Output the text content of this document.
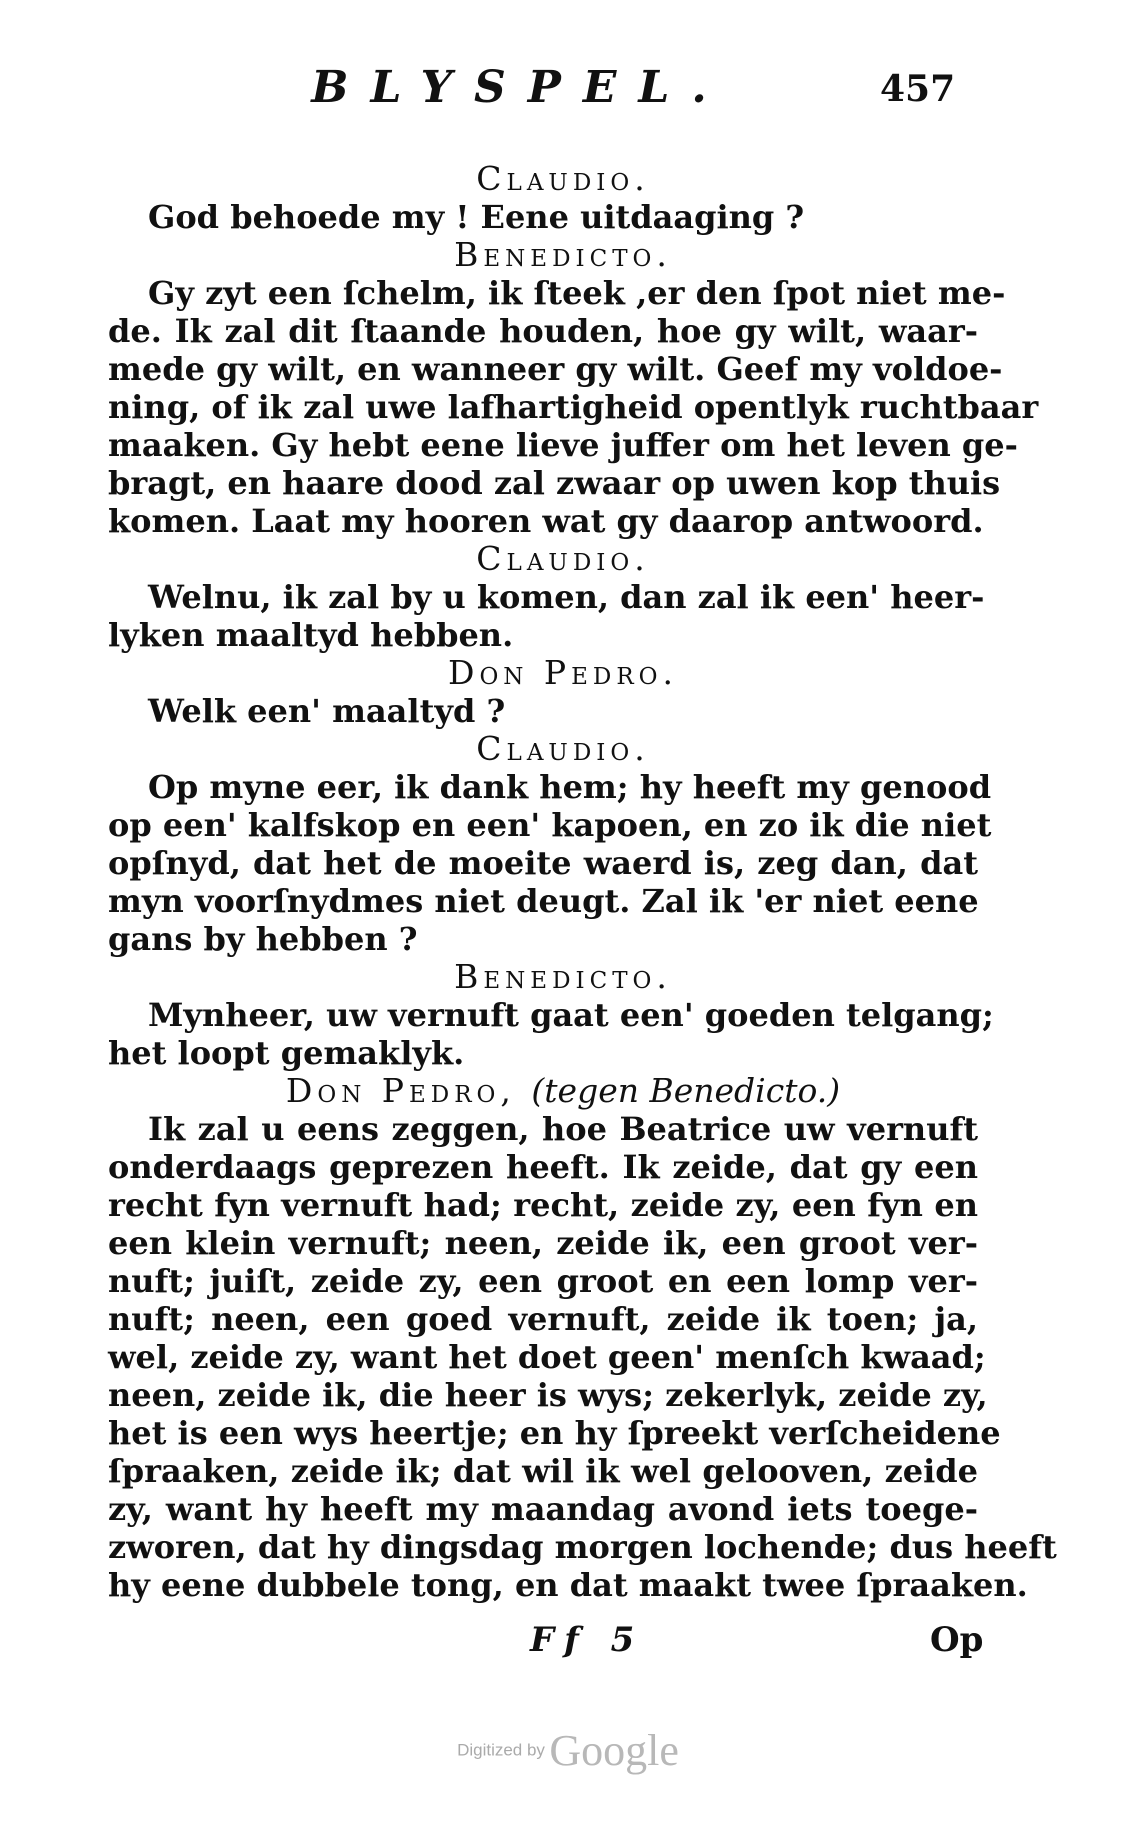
BLYSPEL.	457
Claudio.
God behoede my ! Eene uitdaaging ?
Benedicto.
Gy zyt een ſchelm, ik ſteek ,er den ſpot niet me-
de. Ik zal dit ſtaande houden, hoe gy wilt, waar-
mede gy wilt, en wanneer gy wilt. Geef my voldoe-
ning, of ik zal uwe lafhartigheid opentlyk ruchtbaar
maaken. Gy hebt eene lieve juffer om het leven ge-
bragt, en haare dood zal zwaar op uwen kop thuis
komen. Laat my hooren wat gy daarop antwoord.
Claudio.
Welnu, ik zal by u komen, dan zal ik een' heer-
lyken maaltyd hebben.
Don Pedro.
Welk een' maaltyd ?
Claudio.
Op myne eer, ik dank hem; hy heeft my genood
op een' kalfskop en een' kapoen, en zo ik die niet
opſnyd, dat het de moeite waerd is, zeg dan, dat
myn voorſnydmes niet deugt. Zal ik 'er niet eene
gans by hebben ?
Benedicto.
Mynheer, uw vernuft gaat een' goeden telgang;
het loopt gemaklyk.
Don Pedro, (tegen Benedicto.)
Ik zal u eens zeggen, hoe Beatrice uw vernuft
onderdaags geprezen heeft. Ik zeide, dat gy een
recht fyn vernuft had; recht, zeide zy, een fyn en
een klein vernuft; neen, zeide ik, een groot ver-
nuft; juiſt, zeide zy, een groot en een lomp ver-
nuft; neen, een goed vernuft, zeide ik toen; ja,
wel, zeide zy, want het doet geen' menſch kwaad;
neen, zeide ik, die heer is wys; zekerlyk, zeide zy,
het is een wys heertje; en hy ſpreekt verſcheidene
ſpraaken, zeide ik; dat wil ik wel gelooven, zeide
zy, want hy heeft my maandag avond iets toege-
zworen, dat hy dingsdag morgen lochende; dus heeft
hy eene dubbele tong, en dat maakt twee ſpraaken.
Ff 5	Op
Digitized by Google
